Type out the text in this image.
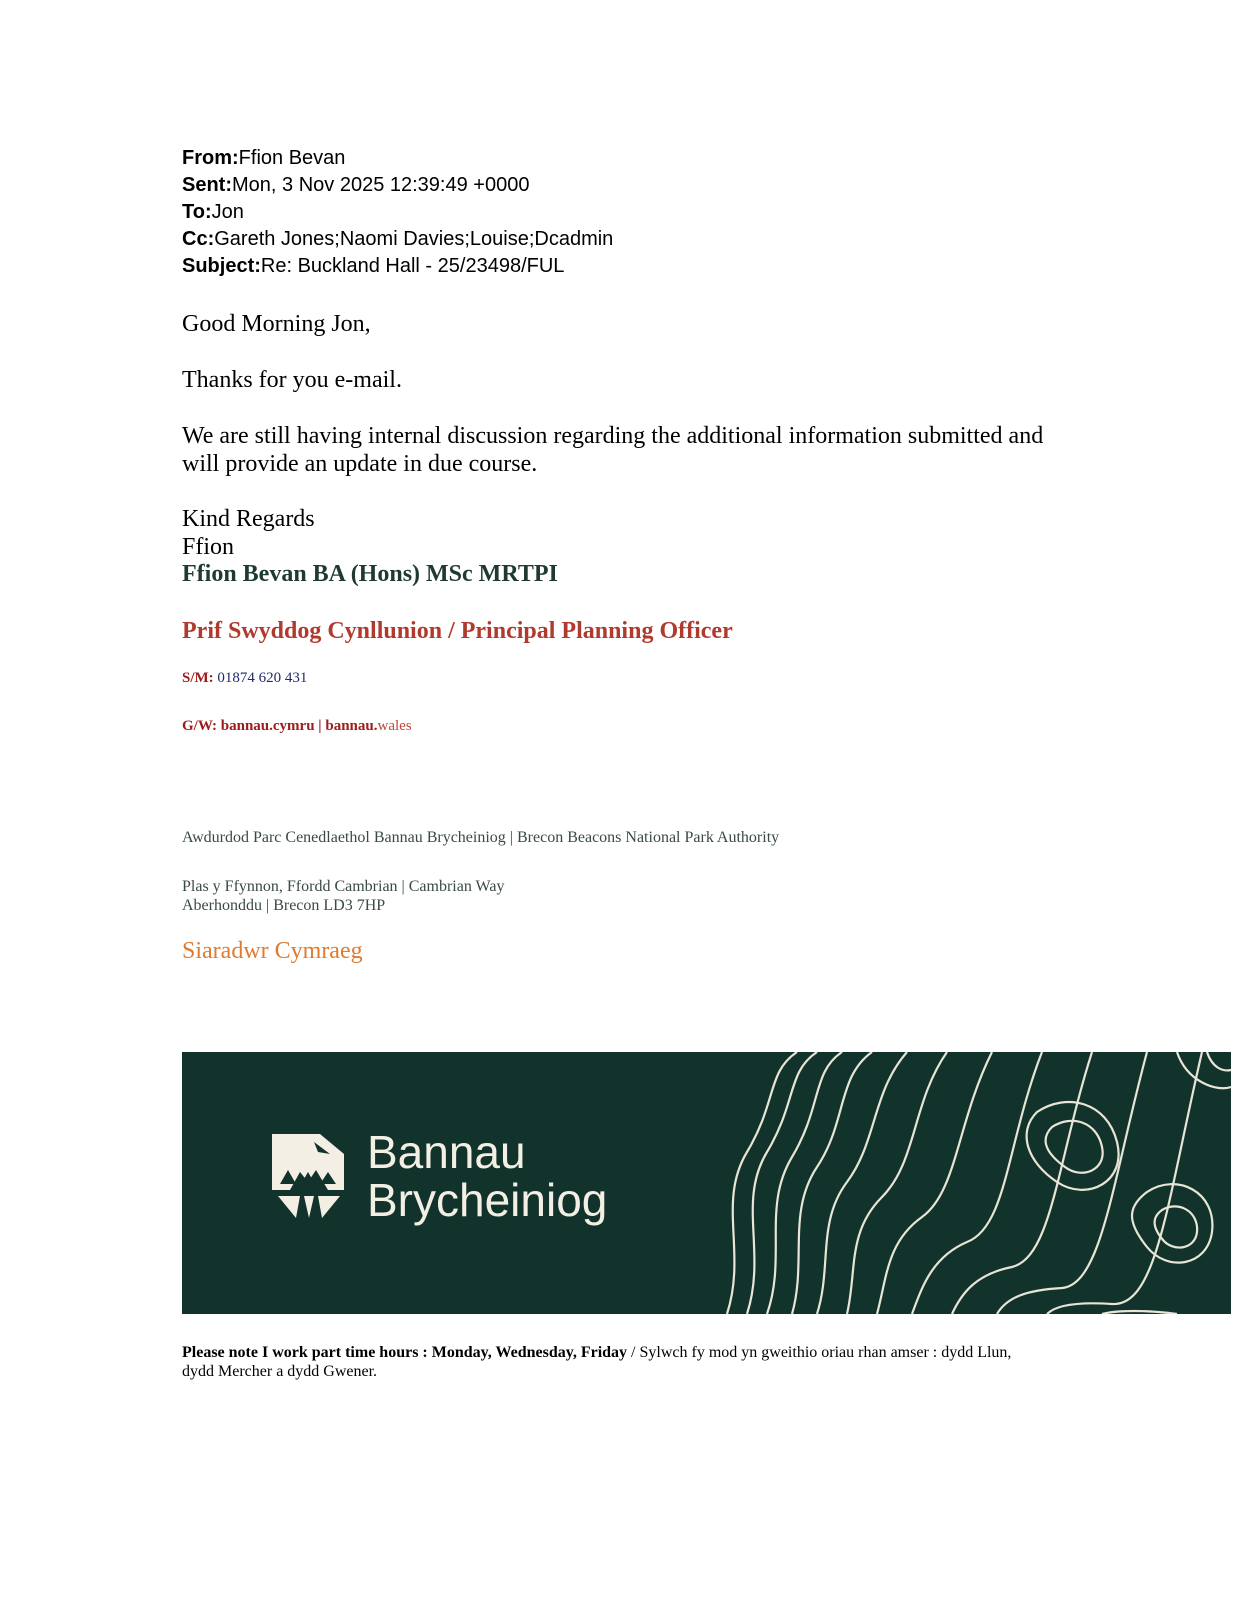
From:Ffion Bevan
Sent:Mon, 3 Nov 2025 12:39:49 +0000
To:Jon
Cc:Gareth Jones;Naomi Davies;Louise;Dcadmin
Subject:Re: Buckland Hall - 25/23498/FUL
Good Morning Jon,
Thanks for you e-mail.
We are still having internal discussion regarding the additional information submitted and will provide an update in due course.
Kind Regards
Ffion
Ffion Bevan BA (Hons) MSc MRTPI
Prif Swyddog Cynllunion / Principal Planning Officer
S/M: 01874 620 431
G/W: bannau.cymru | bannau.wales
Awdurdod Parc Cenedlaethol Bannau Brycheiniog | Brecon Beacons National Park Authority
Plas y Ffynnon, Ffordd Cambrian | Cambrian Way
Aberhonddu | Brecon LD3 7HP
Siaradwr Cymraeg
Bannau
Brycheiniog
Please note I work part time hours : Monday, Wednesday, Friday / Sylwch fy mod yn gweithio oriau rhan amser : dydd Llun, dydd Mercher a dydd Gwener.
